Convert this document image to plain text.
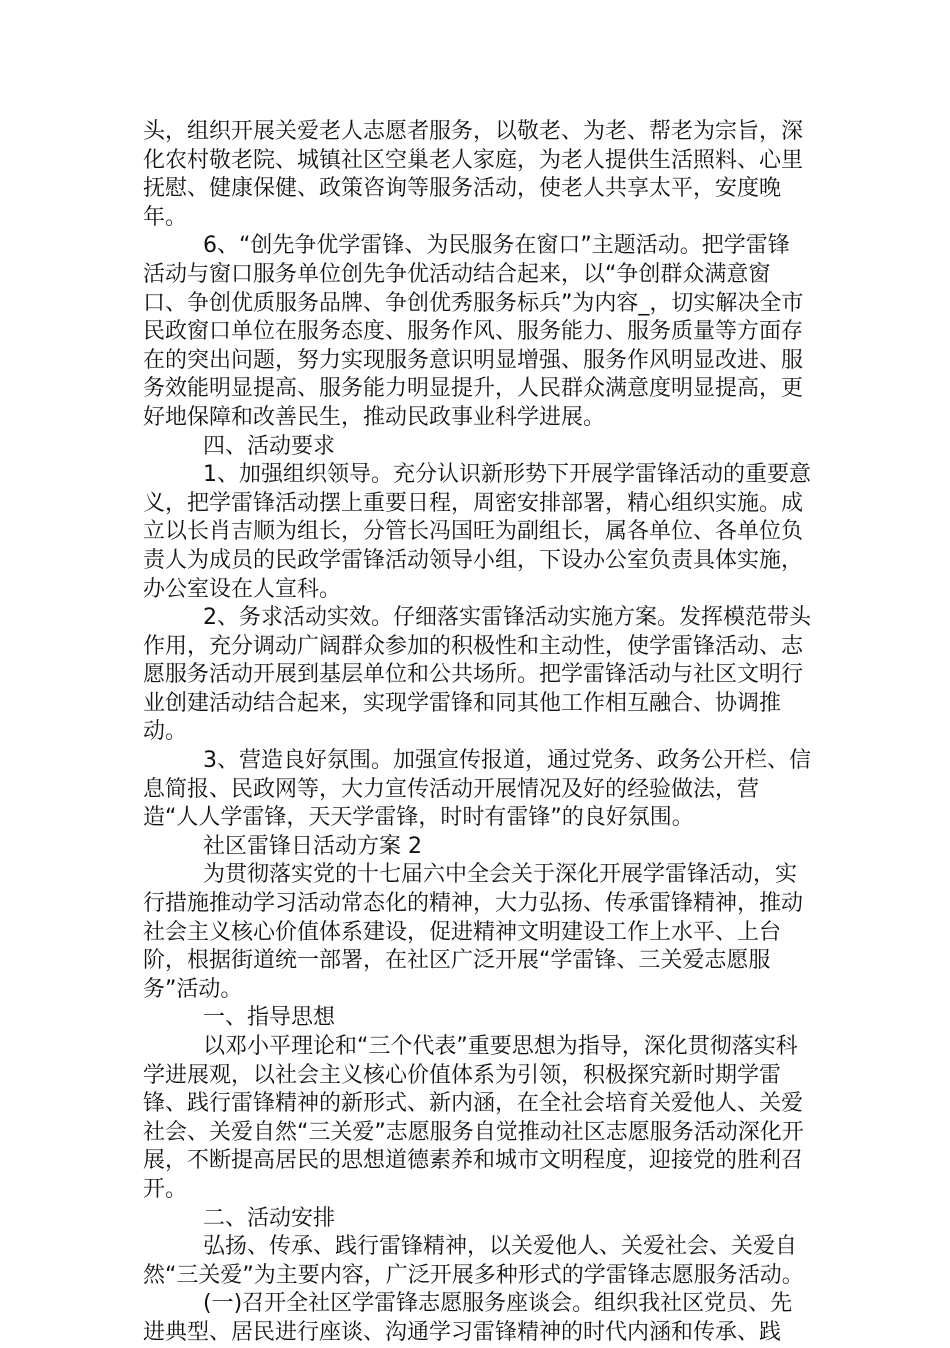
头，组织开展关爱老人志愿者服务，以敬老、为老、帮老为宗旨，深化农村敬老院、城镇社区空巢老人家庭，为老人提供生活照料、心里抚慰、健康保健、政策咨询等服务活动，使老人共享太平，安度晚年。

6、“创先争优学雷锋、为民服务在窗口”主题活动。把学雷锋活动与窗口服务单位创先争优活动结合起来，以“争创群众满意窗口、争创优质服务品牌、争创优秀服务标兵”为内容_，切实解决全市民政窗口单位在服务态度、服务作风、服务能力、服务质量等方面存在的突出问题，努力实现服务意识明显增强、服务作风明显改进、服务效能明显提高、服务能力明显提升，人民群众满意度明显提高，更好地保障和改善民生，推动民政事业科学进展。

四、活动要求

1、加强组织领导。充分认识新形势下开展学雷锋活动的重要意义，把学雷锋活动摆上重要日程，周密安排部署，精心组织实施。成立以长肖吉顺为组长，分管长冯国旺为副组长，属各单位、各单位负责人为成员的民政学雷锋活动领导小组，下设办公室负责具体实施，办公室设在人宣科。

2、务求活动实效。仔细落实雷锋活动实施方案。发挥模范带头作用，充分调动广阔群众参加的积极性和主动性，使学雷锋活动、志愿服务活动开展到基层单位和公共场所。把学雷锋活动与社区文明行业创建活动结合起来，实现学雷锋和同其他工作相互融合、协调推动。

3、营造良好氛围。加强宣传报道，通过党务、政务公开栏、信息简报、民政网等，大力宣传活动开展情况及好的经验做法，营造“人人学雷锋，天天学雷锋，时时有雷锋”的良好氛围。

社区雷锋日活动方案 2

为贯彻落实党的十七届六中全会关于深化开展学雷锋活动，实行措施推动学习活动常态化的精神，大力弘扬、传承雷锋精神，推动社会主义核心价值体系建设，促进精神文明建设工作上水平、上台阶，根据街道统一部署，在社区广泛开展“学雷锋、三关爱志愿服务”活动。

一、指导思想

以邓小平理论和“三个代表”重要思想为指导，深化贯彻落实科学进展观，以社会主义核心价值体系为引领，积极探究新时期学雷锋、践行雷锋精神的新形式、新内涵，在全社会培育关爱他人、关爱社会、关爱自然“三关爱”志愿服务自觉推动社区志愿服务活动深化开展，不断提高居民的思想道德素养和城市文明程度，迎接党的胜利召开。

二、活动安排

弘扬、传承、践行雷锋精神，以关爱他人、关爱社会、关爱自然“三关爱”为主要内容，广泛开展多种形式的学雷锋志愿服务活动。

(一)召开全社区学雷锋志愿服务座谈会。组织我社区党员、先进典型、居民进行座谈、沟通学习雷锋精神的时代内涵和传承、践
